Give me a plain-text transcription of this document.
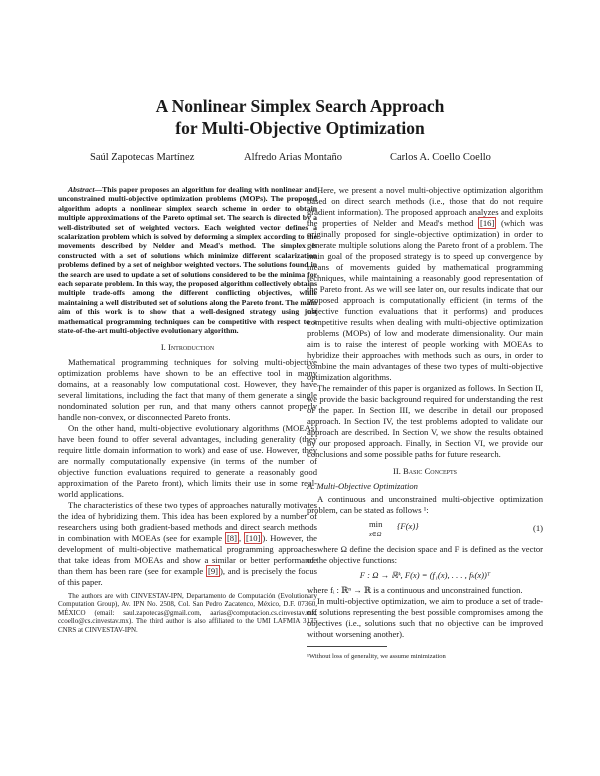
A Nonlinear Simplex Search Approach
for Multi-Objective Optimization
Saúl Zapotecas Martínez	Alfredo Arias Montaño	Carlos A. Coello Coello

Abstract—This paper proposes an algorithm for dealing with nonlinear and unconstrained multi-objective optimization problems (MOPs). The proposed algorithm adopts a nonlinear simplex search scheme in order to obtain multiple approximations of the Pareto optimal set. The search is directed by a well-distributed set of weighted vectors. Each weighted vector defines a scalarization problem which is solved by deforming a simplex according to the movements described by Nelder and Mead's method. The simplex is constructed with a set of solutions which minimize different scalarization problems defined by a set of neighbor weighted vectors. The solutions found in the search are used to update a set of solutions considered to be the minima for each separate problem. In this way, the proposed algorithm collectively obtains multiple trade-offs among the different conflicting objectives, while maintaining a well distributed set of solutions along the Pareto front. The main aim of this work is to show that a well-designed strategy using just mathematical programming techniques can be competitive with respect to a state-of-the-art multi-objective evolutionary algorithm.

I. Introduction

Mathematical programming techniques for solving multi-objective optimization problems have shown to be an effective tool in many domains, at a reasonably low computational cost. However, they have several limitations, including the fact that many of them generate a single nondominated solution per run, and that many others cannot properly handle non-convex, or disconnected Pareto fronts.

On the other hand, multi-objective evolutionary algorithms (MOEAs) have been found to offer several advantages, including generality (they require little domain information to work) and ease of use. However, they are normally computationally expensive (in terms of the number of objective function evaluations required to generate a reasonably good approximation of the Pareto front), which limits their use in some real-world applications.

The characteristics of these two types of approaches naturally motivates the idea of hybridizing them. This idea has been explored by a number of researchers using both gradient-based methods and direct search methods in combination with MOEAs (see for example [8] , [10] ). However, the development of multi-objective mathematical programming approaches that take ideas from MOEAs and show a similar or better performance than them has been rare (see for example [9] ), and is precisely the focus of this paper.

The authors are with CINVESTAV-IPN, Departamento de Computación (Evolutionary Computation Group), Av. IPN No. 2508, Col. San Pedro Zacatenco, México, D.F. 07360, MÉXICO (email: saul.zapotecas@gmail.com, aarias@computacion.cs.cinvestav.mx, ccoello@cs.cinvestav.mx). The third author is also affiliated to the UMI LAFMIA 3175 CNRS at CINVESTAV-IPN.

Here, we present a novel multi-objective optimization algorithm based on direct search methods (i.e., those that do not require gradient information). The proposed approach analyzes and exploits the properties of Nelder and Mead's method [16] (which was originally proposed for single-objective optimization) in order to generate multiple solutions along the Pareto front of a problem. The main goal of the proposed strategy is to speed up convergence by means of movements guided by mathematical programming techniques, while maintaining a reasonably good representation of the Pareto front. As we will see later on, our results indicate that our proposed approach is computationally efficient (in terms of the objective function evaluations that it performs) and produces competitive results when dealing with multi-objective optimization problems (MOPs) of low and moderate dimensionality. Our main aim is to raise the interest of people working with MOEAs to hybridize their approaches with methods such as ours, in order to combine the main advantages of these two types of multi-objective optimization algorithms.

The remainder of this paper is organized as follows. In Section II, we provide the basic background required for understanding the rest of the paper. In Section III, we describe in detail our proposed approach. In Section IV, the test problems adopted to validate our approach are described. In Section V, we show the results obtained by our proposed approach. Finally, in Section VI, we provide our conclusions and some possible paths for future research.

II. Basic Concepts
A. Multi-Objective Optimization

A continuous and unconstrained multi-objective optimization problem, can be stated as follows ¹:

min
x∈Ω
{F(x)}	(1)

where Ω define the decision space and F is defined as the vector of the objective functions:

F : Ω → ℝᵏ, F(x) = (f₁(x), . . . , fₖ(x))ᵀ

where fᵢ : ℝⁿ → ℝ is a continuous and unconstrained function.

In multi-objective optimization, we aim to produce a set of trade-off solutions representing the best possible compromises among the objectives (i.e., solutions such that no objective can be improved without worsening another).

¹Without loss of generality, we assume minimization
